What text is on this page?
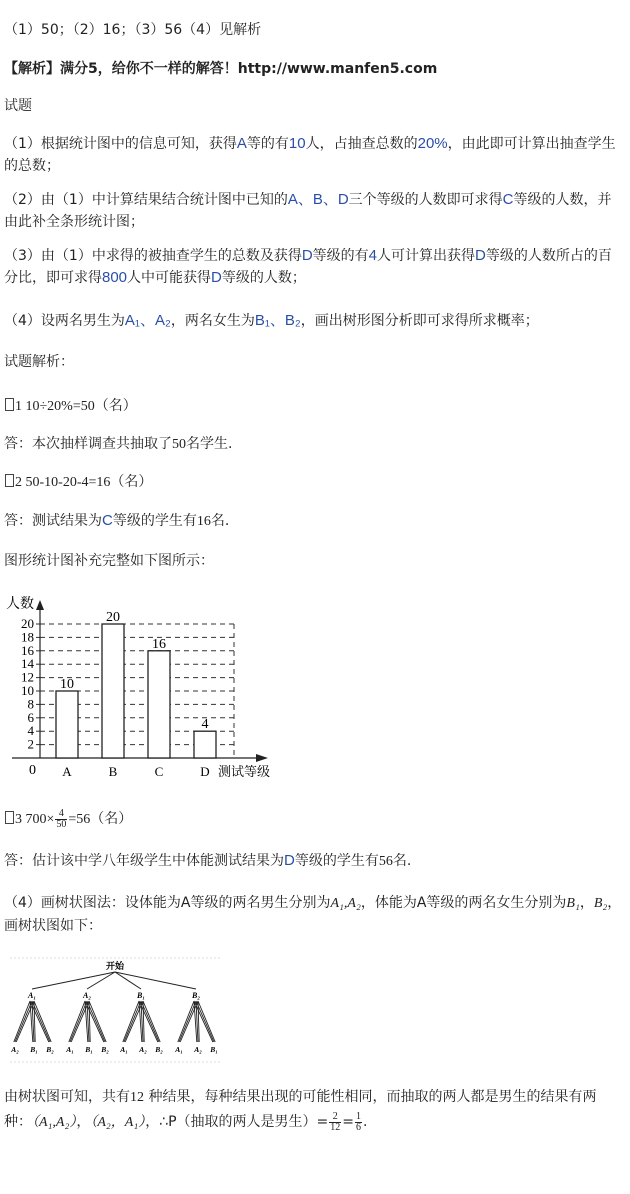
（1）50；（2）16；（3）56（4）见解析
【解析】满分5，给你不一样的解答！http://www.manfen5.com
试题
（1）根据统计图中的信息可知，获得A等的有10人，占抽查总数的20%，由此即可计算出抽查学生的总数；
（2）由（1）中计算结果结合统计图中已知的A、B、D三个等级的人数即可求得C等级的人数，并由此补全条形统计图；
（3）由（1）中求得的被抽查学生的总数及获得D等级的有4人可计算出获得D等级的人数所占的百分比，即可求得800人中可能获得D等级的人数；
（4）设两名男生为A₁、A₂，两名女生为B₁、B₂，画出树形图分析即可求得所求概率；
试题解析：
1 10÷20%=50（名）
答：本次抽样调查共抽取了50名学生.
2 50-10-20-4=16（名）
答：测试结果为C等级的学生有16名.
图形统计图补充完整如下图所示：
2
4
6
8
10
12
14
16
18
20
人数
0	测试等级
10
A
20
B
16
C
4
D
3 $700\times \frac{4}{50} =56$（名）
答：估计该中学八年级学生中体能测试结果为D等级的学生有56名.
（4）画树状图法：设体能为A等级的两名男生分别为A₁,A₂，体能为A等级的两名女生分别为B₁，B₂，画树状图如下：
开始
A₁
A₂ B₁ B₂
A₂
A₁ B₁ B₂
B₁
A₁ A₂ B₂
B₂
A₁ A₂ B₁
由树状图可知，共有12 种结果，每种结果出现的可能性相同，而抽取的两人都是男生的结果有两种：（A₁,A₂），（A₂，A₁），∴P（抽取的两人是男生）= $\frac{2}{12} = \frac{1}{6}$ .
